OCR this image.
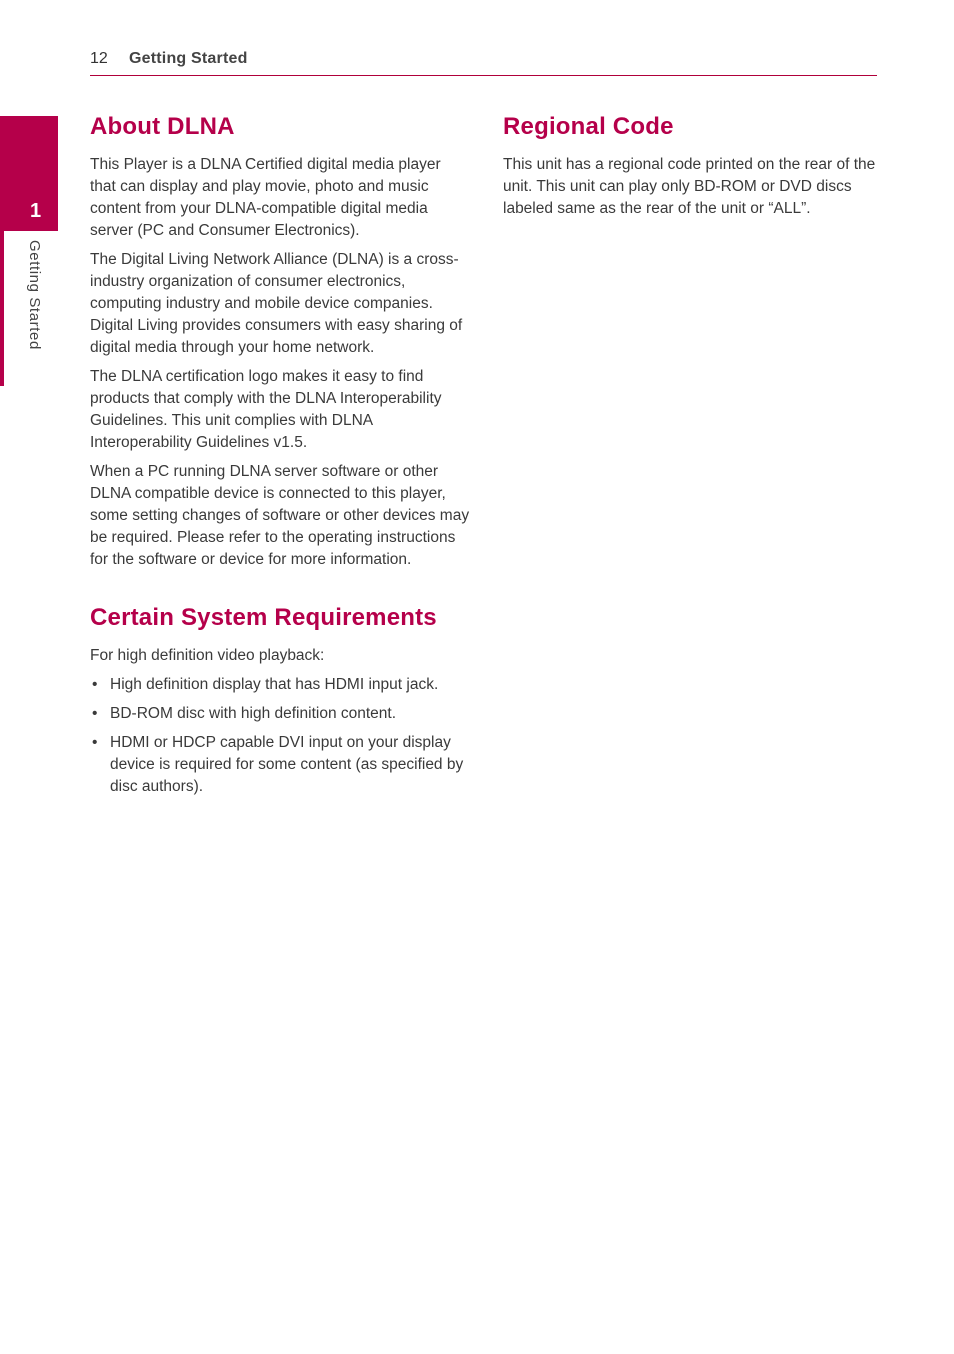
12 Getting Started
1
Getting Started
About DLNA

This Player is a DLNA Certified digital media player that can display and play movie, photo and music content from your DLNA-compatible digital media server (PC and Consumer Electronics).

The Digital Living Network Alliance (DLNA) is a cross-industry organization of consumer electronics, computing industry and mobile device companies. Digital Living provides consumers with easy sharing of digital media through your home network.

The DLNA certification logo makes it easy to find products that comply with the DLNA Interoperability Guidelines. This unit complies with DLNA Interoperability Guidelines v1.5.

When a PC running DLNA server software or other DLNA compatible device is connected to this player, some setting changes of software or other devices may be required. Please refer to the operating instructions for the software or device for more information.

Certain System Requirements

For high definition video playback:

• High definition display that has HDMI input jack.
• BD-ROM disc with high definition content.
• HDMI or HDCP capable DVI input on your display device is required for some content (as specified by disc authors).
Regional Code

This unit has a regional code printed on the rear of the unit. This unit can play only BD-ROM or DVD discs labeled same as the rear of the unit or “ALL”.
